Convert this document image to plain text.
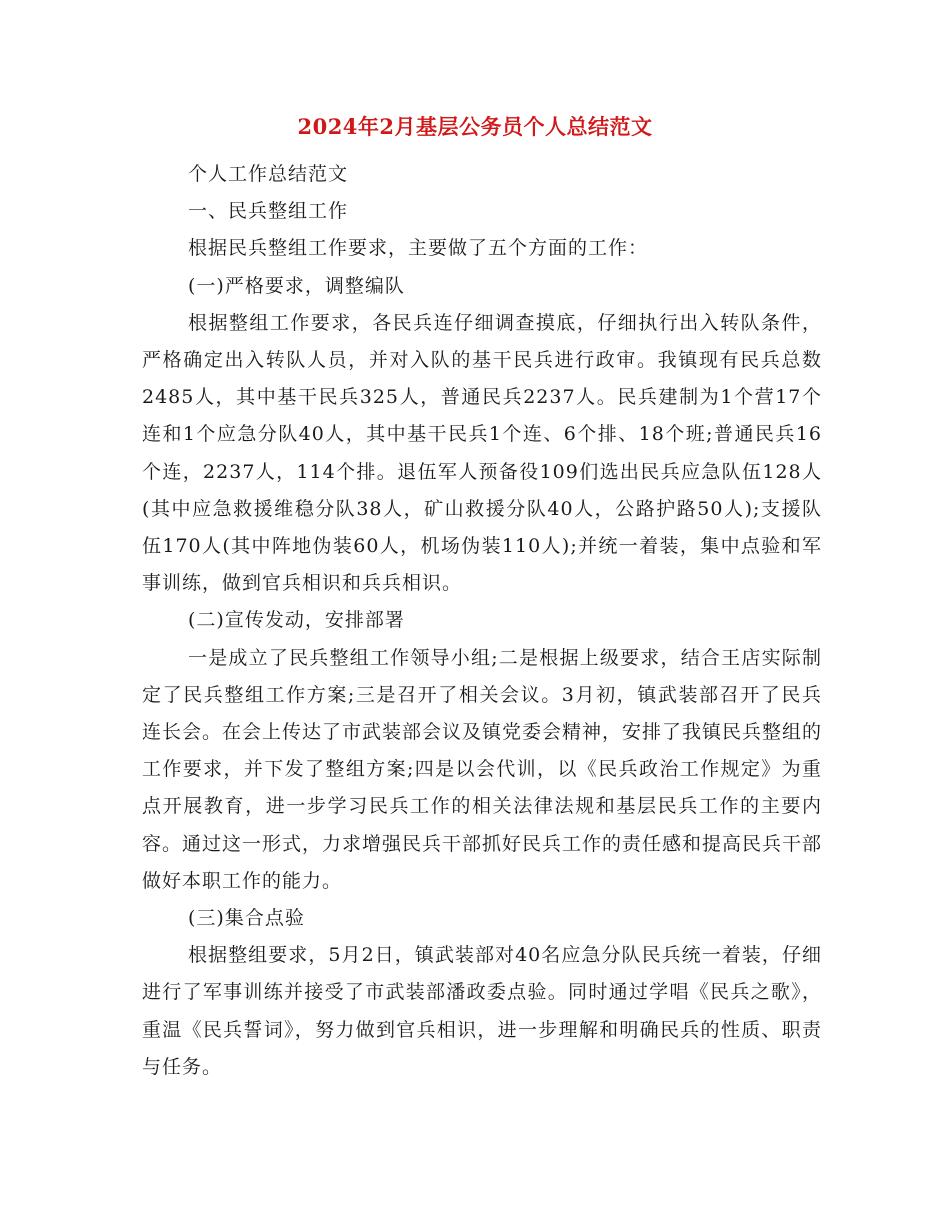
2024年2月基层公务员个人总结范文

个人工作总结范文

一、民兵整组工作

根据民兵整组工作要求，主要做了五个方面的工作：

(一)严格要求，调整编队

根据整组工作要求，各民兵连仔细调查摸底，仔细执行出入转队条件，严格确定出入转队人员，并对入队的基干民兵进行政审。我镇现有民兵总数2485人，其中基干民兵325人，普通民兵2237人。民兵建制为1个营17个连和1个应急分队40人，其中基干民兵1个连、6个排、18个班;普通民兵16个连，2237人，114个排。退伍军人预备役109们选出民兵应急队伍128人(其中应急救援维稳分队38人，矿山救援分队40人，公路护路50人);支援队伍170人(其中阵地伪装60人，机场伪装110人);并统一着装，集中点验和军事训练，做到官兵相识和兵兵相识。

(二)宣传发动，安排部署

一是成立了民兵整组工作领导小组;二是根据上级要求，结合王店实际制定了民兵整组工作方案;三是召开了相关会议。3月初，镇武装部召开了民兵连长会。在会上传达了市武装部会议及镇党委会精神，安排了我镇民兵整组的工作要求，并下发了整组方案;四是以会代训，以《民兵政治工作规定》为重点开展教育，进一步学习民兵工作的相关法律法规和基层民兵工作的主要内容。通过这一形式，力求增强民兵干部抓好民兵工作的责任感和提高民兵干部做好本职工作的能力。

(三)集合点验

根据整组要求，5月2日，镇武装部对40名应急分队民兵统一着装，仔细进行了军事训练并接受了市武装部潘政委点验。同时通过学唱《民兵之歌》，重温《民兵誓词》，努力做到官兵相识，进一步理解和明确民兵的性质、职责与任务。
